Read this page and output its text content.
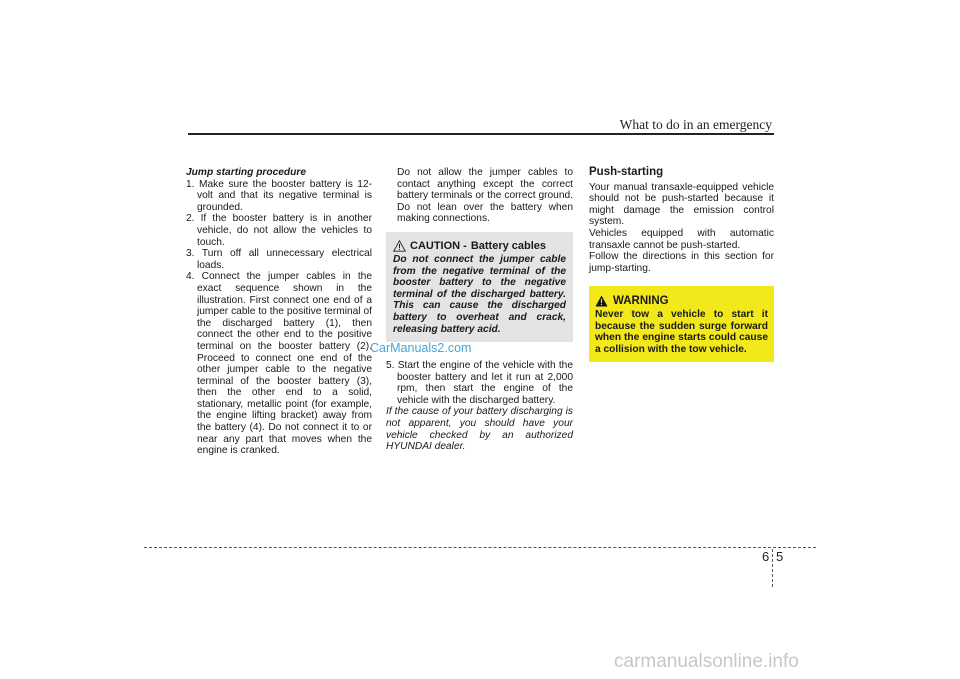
What to do in an emergency

Jump starting procedure

1. Make sure the booster battery is 12-volt and that its negative terminal is grounded.
2. If the booster battery is in another vehicle, do not allow the vehicles to touch.
3. Turn off all unnecessary electrical loads.
4. Connect the jumper cables in the exact sequence shown in the illustration. First connect one end of a jumper cable to the positive terminal of the discharged battery (1), then connect the other end to the positive terminal on the booster battery (2). Proceed to connect one end of the other jumper cable to the negative terminal of the booster battery (3), then the other end to a solid, stationary, metallic point (for example, the engine lifting bracket) away from the battery (4). Do not connect it to or near any part that moves when the engine is cranked.

Do not allow the jumper cables to contact anything except the correct battery terminals or the correct ground. Do not lean over the battery when making connections.

CAUTION - Battery cables

Do not connect the jumper cable from the negative terminal of the booster battery to the negative terminal of the discharged battery. This can cause the discharged battery to overheat and crack, releasing battery acid.

5. Start the engine of the vehicle with the booster battery and let it run at 2,000 rpm, then start the engine of the vehicle with the discharged battery.

If the cause of your battery discharging is not apparent, you should have your vehicle checked by an authorized HYUNDAI dealer.

Push-starting

Your manual transaxle-equipped vehicle should not be push-started because it might damage the emission control system.

Vehicles equipped with automatic transaxle cannot be push-started.

Follow the directions in this section for jump-starting.

WARNING

Never tow a vehicle to start it because the sudden surge forward when the engine starts could cause a collision with the tow vehicle.

CarManuals2.com
6 5
carmanualsonline.info
